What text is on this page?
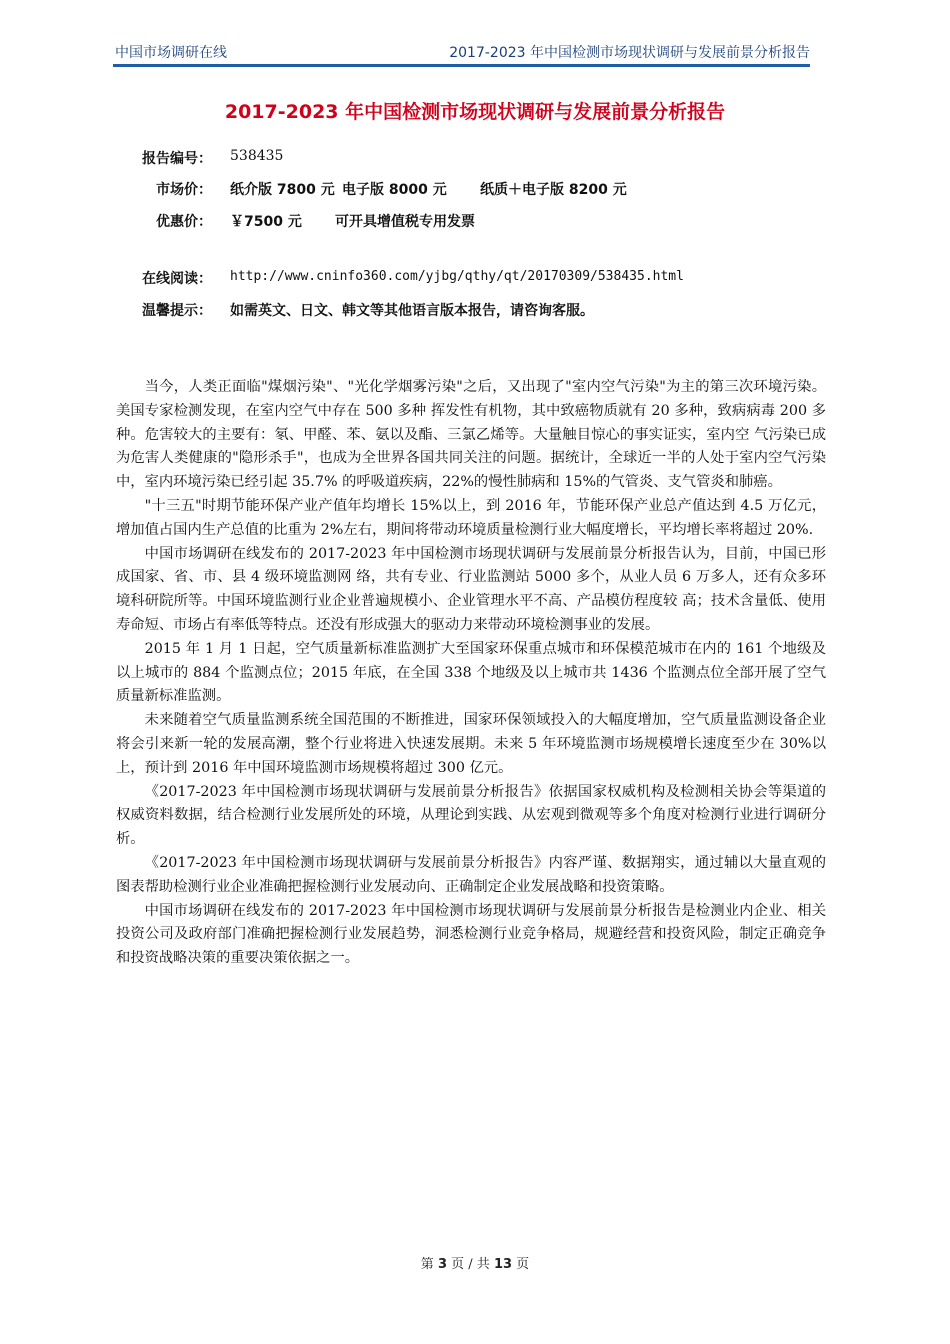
中国市场调研在线	2017-2023 年中国检测市场现状调研与发展前景分析报告
2017-2023 年中国检测市场现状调研与发展前景分析报告
报告编号： 538435
市场价： 纸介版 7800 元 电子版 8000 元 纸质＋电子版 8200 元
优惠价： ￥7500 元 可开具增值税专用发票
在线阅读： http://www.cninfo360.com/yjbg/qthy/qt/20170309/538435.html
温馨提示： 如需英文、日文、韩文等其他语言版本报告，请咨询客服。

当今，人类正面临"煤烟污染"、"光化学烟雾污染"之后，又出现了"室内空气污染"为主的第三次环境污染。美国专家检测发现，在室内空气中存在 500 多种 挥发性有机物，其中致癌物质就有 20 多种，致病病毒 200 多种。危害较大的主要有：氡、甲醛、苯、氨以及酯、三氯乙烯等。大量触目惊心的事实证实，室内空 气污染已成为危害人类健康的"隐形杀手"，也成为全世界各国共同关注的问题。据统计，全球近一半的人处于室内空气污染中，室内环境污染已经引起 35.7% 的呼吸道疾病，22%的慢性肺病和 15%的气管炎、支气管炎和肺癌。

"十三五"时期节能环保产业产值年均增长 15%以上，到 2016 年，节能环保产业总产值达到 4.5 万亿元，增加值占国内生产总值的比重为 2%左右，期间将带动环境质量检测行业大幅度增长，平均增长率将超过 20%.

中国市场调研在线发布的 2017-2023 年中国检测市场现状调研与发展前景分析报告认为，目前，中国已形成国家、省、市、县 4 级环境监测网 络，共有专业、行业监测站 5000 多个，从业人员 6 万多人，还有众多环境科研院所等。中国环境监测行业企业普遍规模小、企业管理水平不高、产品模仿程度较 高；技术含量低、使用寿命短、市场占有率低等特点。还没有形成强大的驱动力来带动环境检测事业的发展。

2015 年 1 月 1 日起，空气质量新标准监测扩大至国家环保重点城市和环保模范城市在内的 161 个地级及以上城市的 884 个监测点位；2015 年底，在全国 338 个地级及以上城市共 1436 个监测点位全部开展了空气质量新标准监测。

未来随着空气质量监测系统全国范围的不断推进，国家环保领域投入的大幅度增加，空气质量监测设备企业将会引来新一轮的发展高潮，整个行业将进入快速发展期。未来 5 年环境监测市场规模增长速度至少在 30%以上，预计到 2016 年中国环境监测市场规模将超过 300 亿元。

《2017-2023 年中国检测市场现状调研与发展前景分析报告》依据国家权威机构及检测相关协会等渠道的权威资料数据，结合检测行业发展所处的环境，从理论到实践、从宏观到微观等多个角度对检测行业进行调研分析。

《2017-2023 年中国检测市场现状调研与发展前景分析报告》内容严谨、数据翔实，通过辅以大量直观的图表帮助检测行业企业准确把握检测行业发展动向、正确制定企业发展战略和投资策略。

中国市场调研在线发布的 2017-2023 年中国检测市场现状调研与发展前景分析报告是检测业内企业、相关投资公司及政府部门准确把握检测行业发展趋势，洞悉检测行业竞争格局，规避经营和投资风险，制定正确竞争和投资战略决策的重要决策依据之一。

第 3 页 / 共 13 页
